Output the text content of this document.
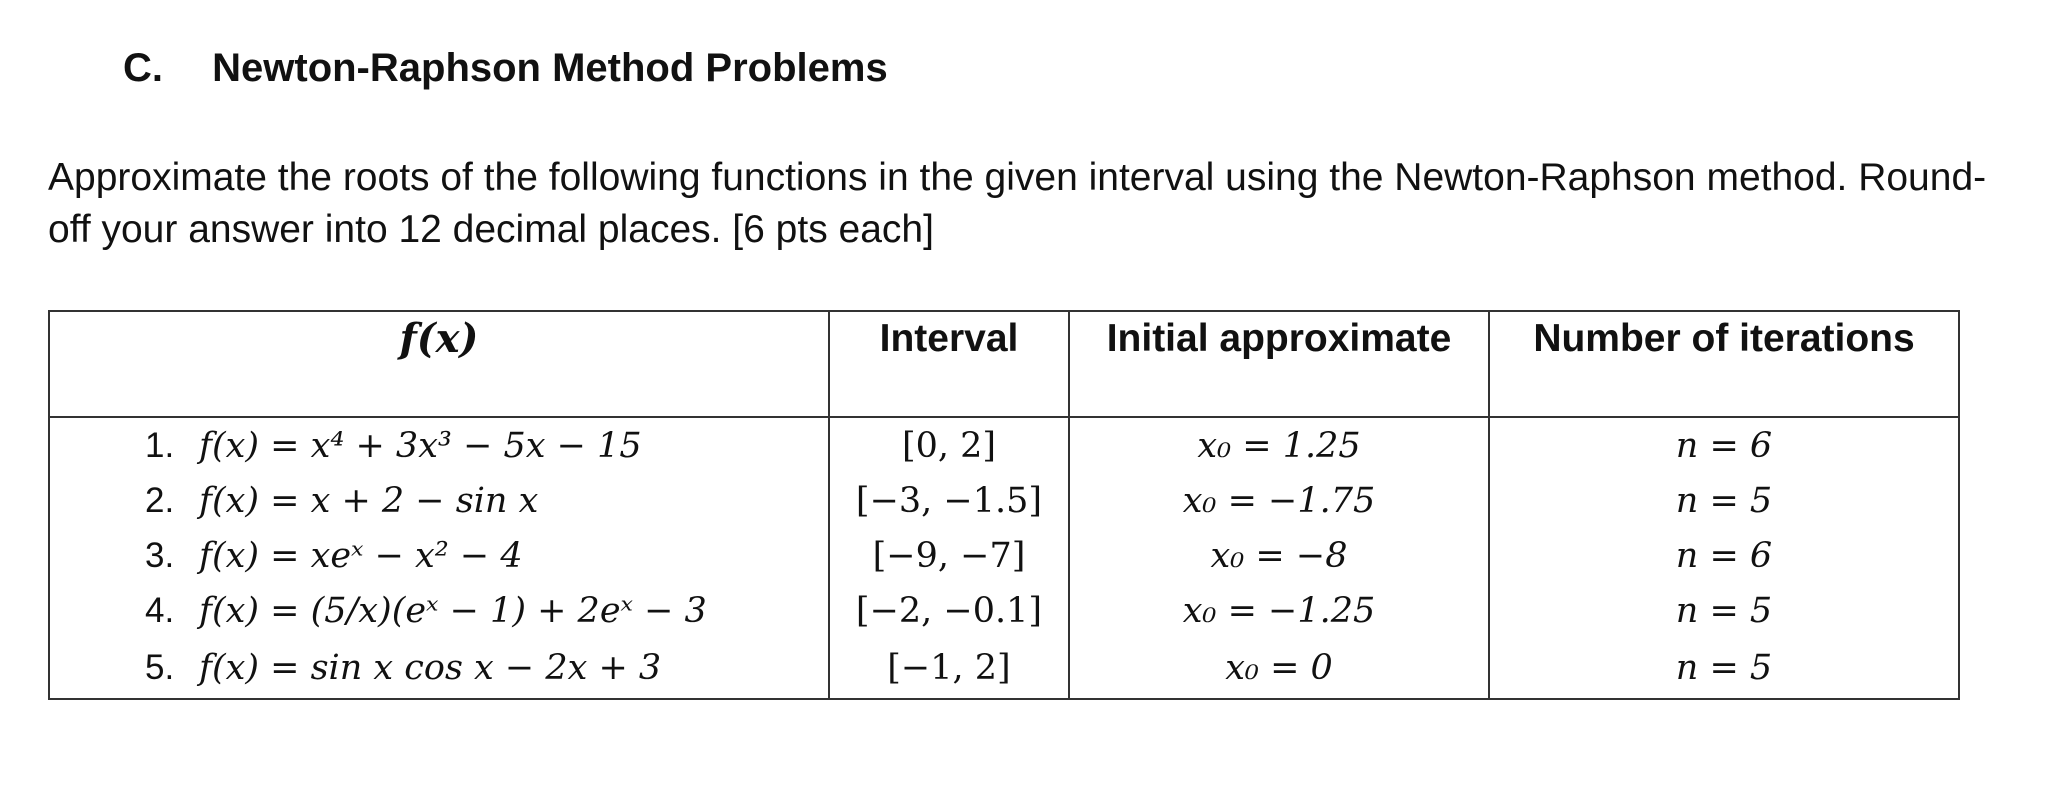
C. Newton-Raphson Method Problems
Approximate the roots of the following functions in the given interval using the Newton-Raphson method. Round-off your answer into 12 decimal places. [6 pts each]
f(x)	Interval	Initial approximate	Number of iterations
1. f(x) = x⁴ + 3x³ − 5x − 15	[0, 2]	x₀ = 1.25	n = 6
2. f(x) = x + 2 − sin x	[−3, −1.5]	x₀ = −1.75	n = 5
3. f(x) = xeˣ − x² − 4	[−9, −7]	x₀ = −8	n = 6
4. f(x) = (5/x)(eˣ − 1) + 2eˣ − 3	[−2, −0.1]	x₀ = −1.25	n = 5
5. f(x) = sin x cos x − 2x + 3	[−1, 2]	x₀ = 0	n = 5
